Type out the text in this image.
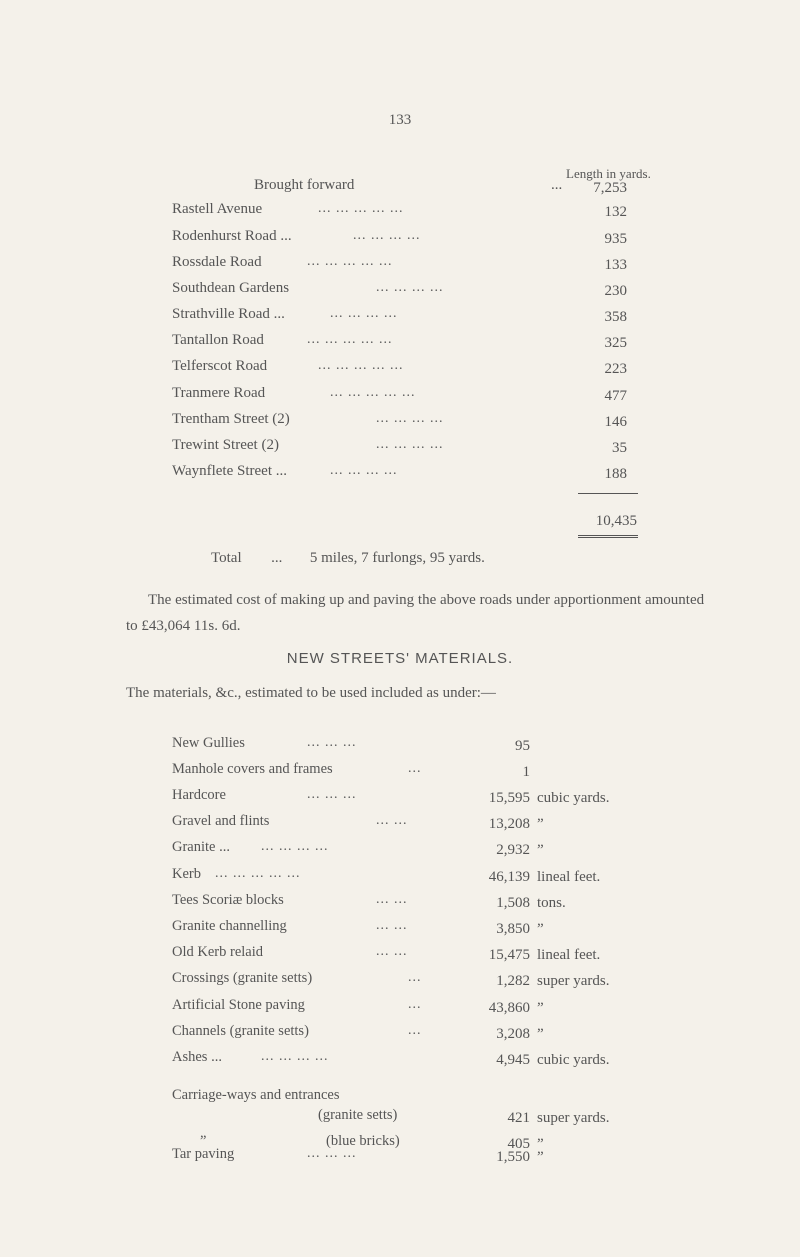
133
Length in yards.
Brought forward	...	7,253
Rastell Avenue	... ... ... ... ...	132
Rodenhurst Road ...	... ... ... ...	935
Rossdale Road	... ... ... ... ...	133
Southdean Gardens	... ... ... ...	230
Strathville Road ...	... ... ... ...	358
Tantallon Road	... ... ... ... ...	325
Telferscot Road	... ... ... ... ...	223
Tranmere Road	... ... ... ... ...	477
Trentham Street (2)	... ... ... ...	146
Trewint Street (2)	... ... ... ...	35
Waynflete Street ...	... ... ... ...	188
10,435
Total ... 5 miles, 7 furlongs, 95 yards.
The estimated cost of making up and paving the above roads under apportionment amounted to £43,064 11s. 6d.
NEW STREETS' MATERIALS.
The materials, &c., estimated to be used included as under:—
New Gullies	... ... ...	95
Manhole covers and frames	...	1
Hardcore	... ... ...	15,595 cubic yards.
Gravel and flints	... ...	13,208 ”
Granite ... ... ... ... ...	2,932 ”
Kerb ... ... ... ... ...	46,139 lineal feet.
Tees Scoriæ blocks	... ...	1,508 tons.
Granite channelling	... ...	3,850 ”
Old Kerb relaid	... ...	15,475 lineal feet.
Crossings (granite setts)	...	1,282 super yards.
Artificial Stone paving	...	43,860 ”
Channels (granite setts)	...	3,208 ”
Ashes ...	... ... ... ...	4,945 cubic yards.
Carriage-ways and entrances
(granite setts)	421 super yards.
”	(blue bricks)	405 ”
Tar paving	... ... ...	1,550 ”
